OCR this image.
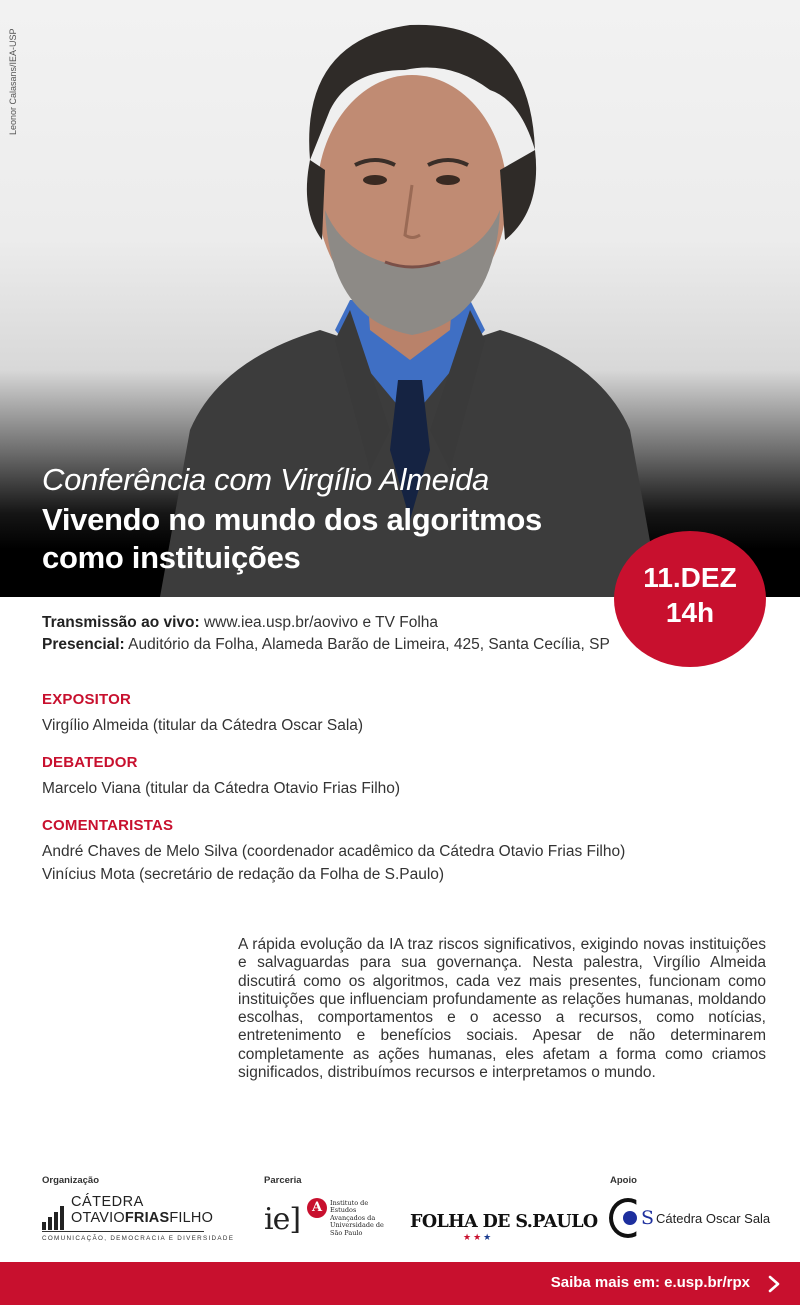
Leonor Calasans/IEA-USP
Conferência com Virgílio Almeida
Vivendo no mundo dos algoritmos
como instituições
11.DEZ
14h
Transmissão ao vivo: www.iea.usp.br/aovivo e TV Folha
Presencial: Auditório da Folha, Alameda Barão de Limeira, 425, Santa Cecília, SP
EXPOSITOR
Virgílio Almeida (titular da Cátedra Oscar Sala)
DEBATEDOR
Marcelo Viana (titular da Cátedra Otavio Frias Filho)
COMENTARISTAS
André Chaves de Melo Silva (coordenador acadêmico da Cátedra Otavio Frias Filho)
Vinícius Mota (secretário de redação da Folha de S.Paulo)
A rápida evolução da IA traz riscos significativos, exigindo novas instituições e salvaguardas para sua governança. Nesta palestra, Virgílio Almeida discutirá como os algoritmos, cada vez mais presentes, funcionam como instituições que influenciam profundamente as relações humanas, moldando escolhas, comportamentos e o acesso a recursos, como notícias, entretenimento e benefícios sociais. Apesar de não determinarem completamente as ações humanas, eles afetam a forma como criamos significados, distribuímos recursos e interpretamos o mundo.
Organização	Parceria	Apoio
CÁTEDRA
OTAVIOFRIASFILHO
COMUNICAÇÃO, DEMOCRACIA E DIVERSIDADE
ie] A	Instituto de Estudos Avançados da Universidade de São Paulo
FOLHA DE S.PAULO
★★★
S Cátedra Oscar Sala
Saiba mais em: e.usp.br/rpx
